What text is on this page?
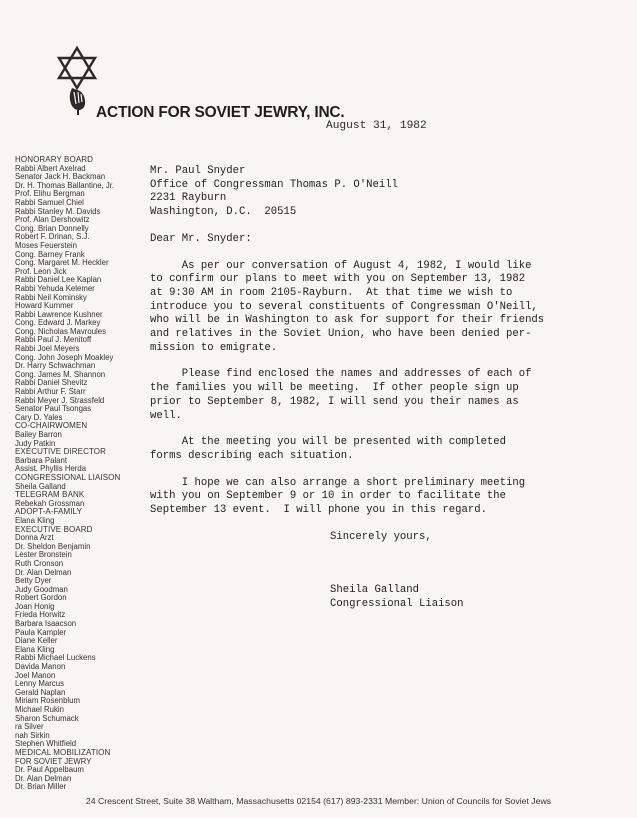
ACTION FOR SOVIET JEWRY, INC.
August 31, 1982
HONORARY BOARD
Rabbi Albert Axelrad
Senator Jack H. Backman
Dr. H. Thomas Ballantine, Jr.
Prof. Elihu Bergman
Rabbi Samuel Chiel
Rabbi Stanley M. Davids
Prof. Alan Dershowitz
Cong. Brian Donnelly
Robert F. Drinan, S.J.
Moses Feuerstein
Cong. Barney Frank
Cong. Margaret M. Heckler
Prof. Leon Jick
Rabbi Daniel Lee Kaplan
Rabbi Yehuda Kelemer
Rabbi Neil Kominsky
Howard Kummer
Rabbi Lawrence Kushner
Cong. Edward J. Markey
Cong. Nicholas Mavroules
Rabbi Paul J. Menitoff
Rabbi Joel Meyers
Cong. John Joseph Moakley
Dr. Harry Schwachman
Cong. James M. Shannon
Rabbi Daniel Shevitz
Rabbi Arthur F. Starr
Rabbi Meyer J. Strassfeld
Senator Paul Tsongas
Cary D. Yales
CO-CHAIRWOMEN
Bailey Barron
Judy Patkin
EXECUTIVE DIRECTOR
Barbara Palant
Assist. Phyllis Herda
CONGRESSIONAL LIAISON
Sheila Galland
TELEGRAM BANK
Rebekah Grossman
ADOPT-A-FAMILY
Elana Kling
EXECUTIVE BOARD
Donna Arzt
Dr. Sheldon Benjamin
Lester Bronstein
Ruth Cronson
Dr. Alan Delman
Betty Dyer
Judy Goodman
Robert Gordon
Joan Honig
Frieda Horwitz
Barbara Isaacson
Paula Kampler
Diane Keller
Elana Kling
Rabbi Michael Luckens
Davida Manon
Joel Manon
Lenny Marcus
Gerald Naplan
Miriam Rosenblum
Michael Rukin
Sharon Schumack
ra Silver
nah Sirkin
Stephen Whitfield
MEDICAL MOBILIZATION
FOR SOVIET JEWRY
Dr. Paul Appelbaum
Dr. Alan Delman
Dr. Brian Miller
Mr. Paul Snyder
Office of Congressman Thomas P. O'Neill
2231 Rayburn
Washington, D.C.  20515
Dear Mr. Snyder:
As per our conversation of August 4, 1982, I would like
to confirm our plans to meet with you on September 13, 1982
at 9:30 AM in room 2105-Rayburn.  At that time we wish to
introduce you to several constituents of Congressman O'Neill,
who will be in Washington to ask for support for their friends
and relatives in the Soviet Union, who have been denied per-
mission to emigrate.
Please find enclosed the names and addresses of each of
the families you will be meeting.  If other people sign up
prior to September 8, 1982, I will send you their names as
well.
At the meeting you will be presented with completed
forms describing each situation.
I hope we can also arrange a short preliminary meeting
with you on September 9 or 10 in order to facilitate the
September 13 event.  I will phone you in this regard.
Sincerely yours,
Sheila Galland
Congressional Liaison
24 Crescent Street, Suite 38 Waltham, Massachusetts 02154 (617) 893-2331 Member: Union of Councils for Soviet Jews
